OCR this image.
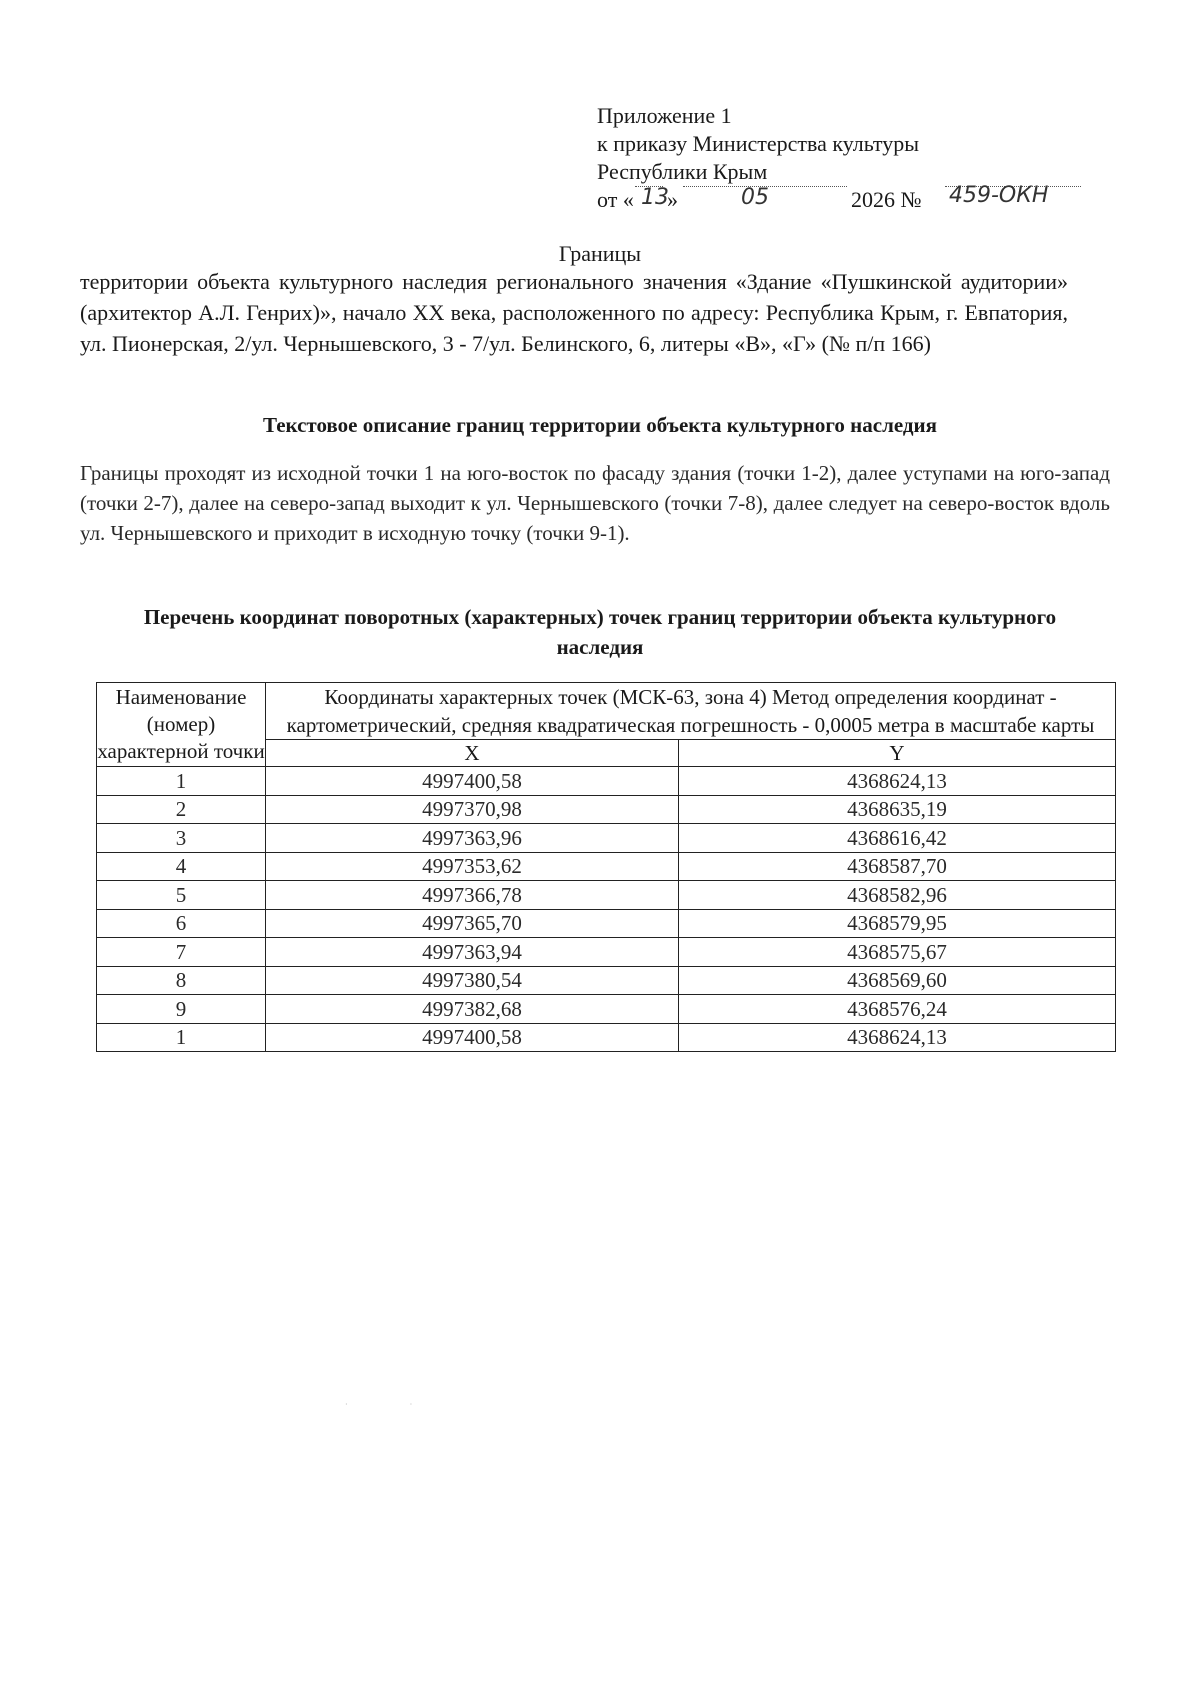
Приложение 1
к приказу Министерства культуры
Республики Крым
от « 13
»	05	2026 № 459-ОКН
Границы
территории объекта культурного наследия регионального значения «Здание «Пушкинской аудитории» (архитектор А.Л. Генрих)», начало XX века, расположенного по адресу: Республика Крым, г. Евпатория, ул. Пионерская, 2/ул. Чернышевского, 3 - 7/ул. Белинского, 6, литеры «В», «Г» (№ п/п 166)
Текстовое описание границ территории объекта культурного наследия
Границы проходят из исходной точки 1 на юго-восток по фасаду здания (точки 1-2), далее уступами на юго-запад (точки 2-7), далее на северо-запад выходит к ул. Чернышевского (точки 7-8), далее следует на северо-восток вдоль ул. Чернышевского и приходит в исходную точку (точки 9-1).
Перечень координат поворотных (характерных) точек границ территории объекта культурного наследия
Наименование (номер) характерной точки	Координаты характерных точек (МСК-63, зона 4) Метод определения координат - картометрический, средняя квадратическая погрешность - 0,0005 метра в масштабе карты	
	X	Y
1	4997400,58	4368624,13
2	4997370,98	4368635,19
3	4997363,96	4368616,42
4	4997353,62	4368587,70
5	4997366,78	4368582,96
6	4997365,70	4368579,95
7	4997363,94	4368575,67
8	4997380,54	4368569,60
9	4997382,68	4368576,24
1	4997400,58	4368624,13
· ·
